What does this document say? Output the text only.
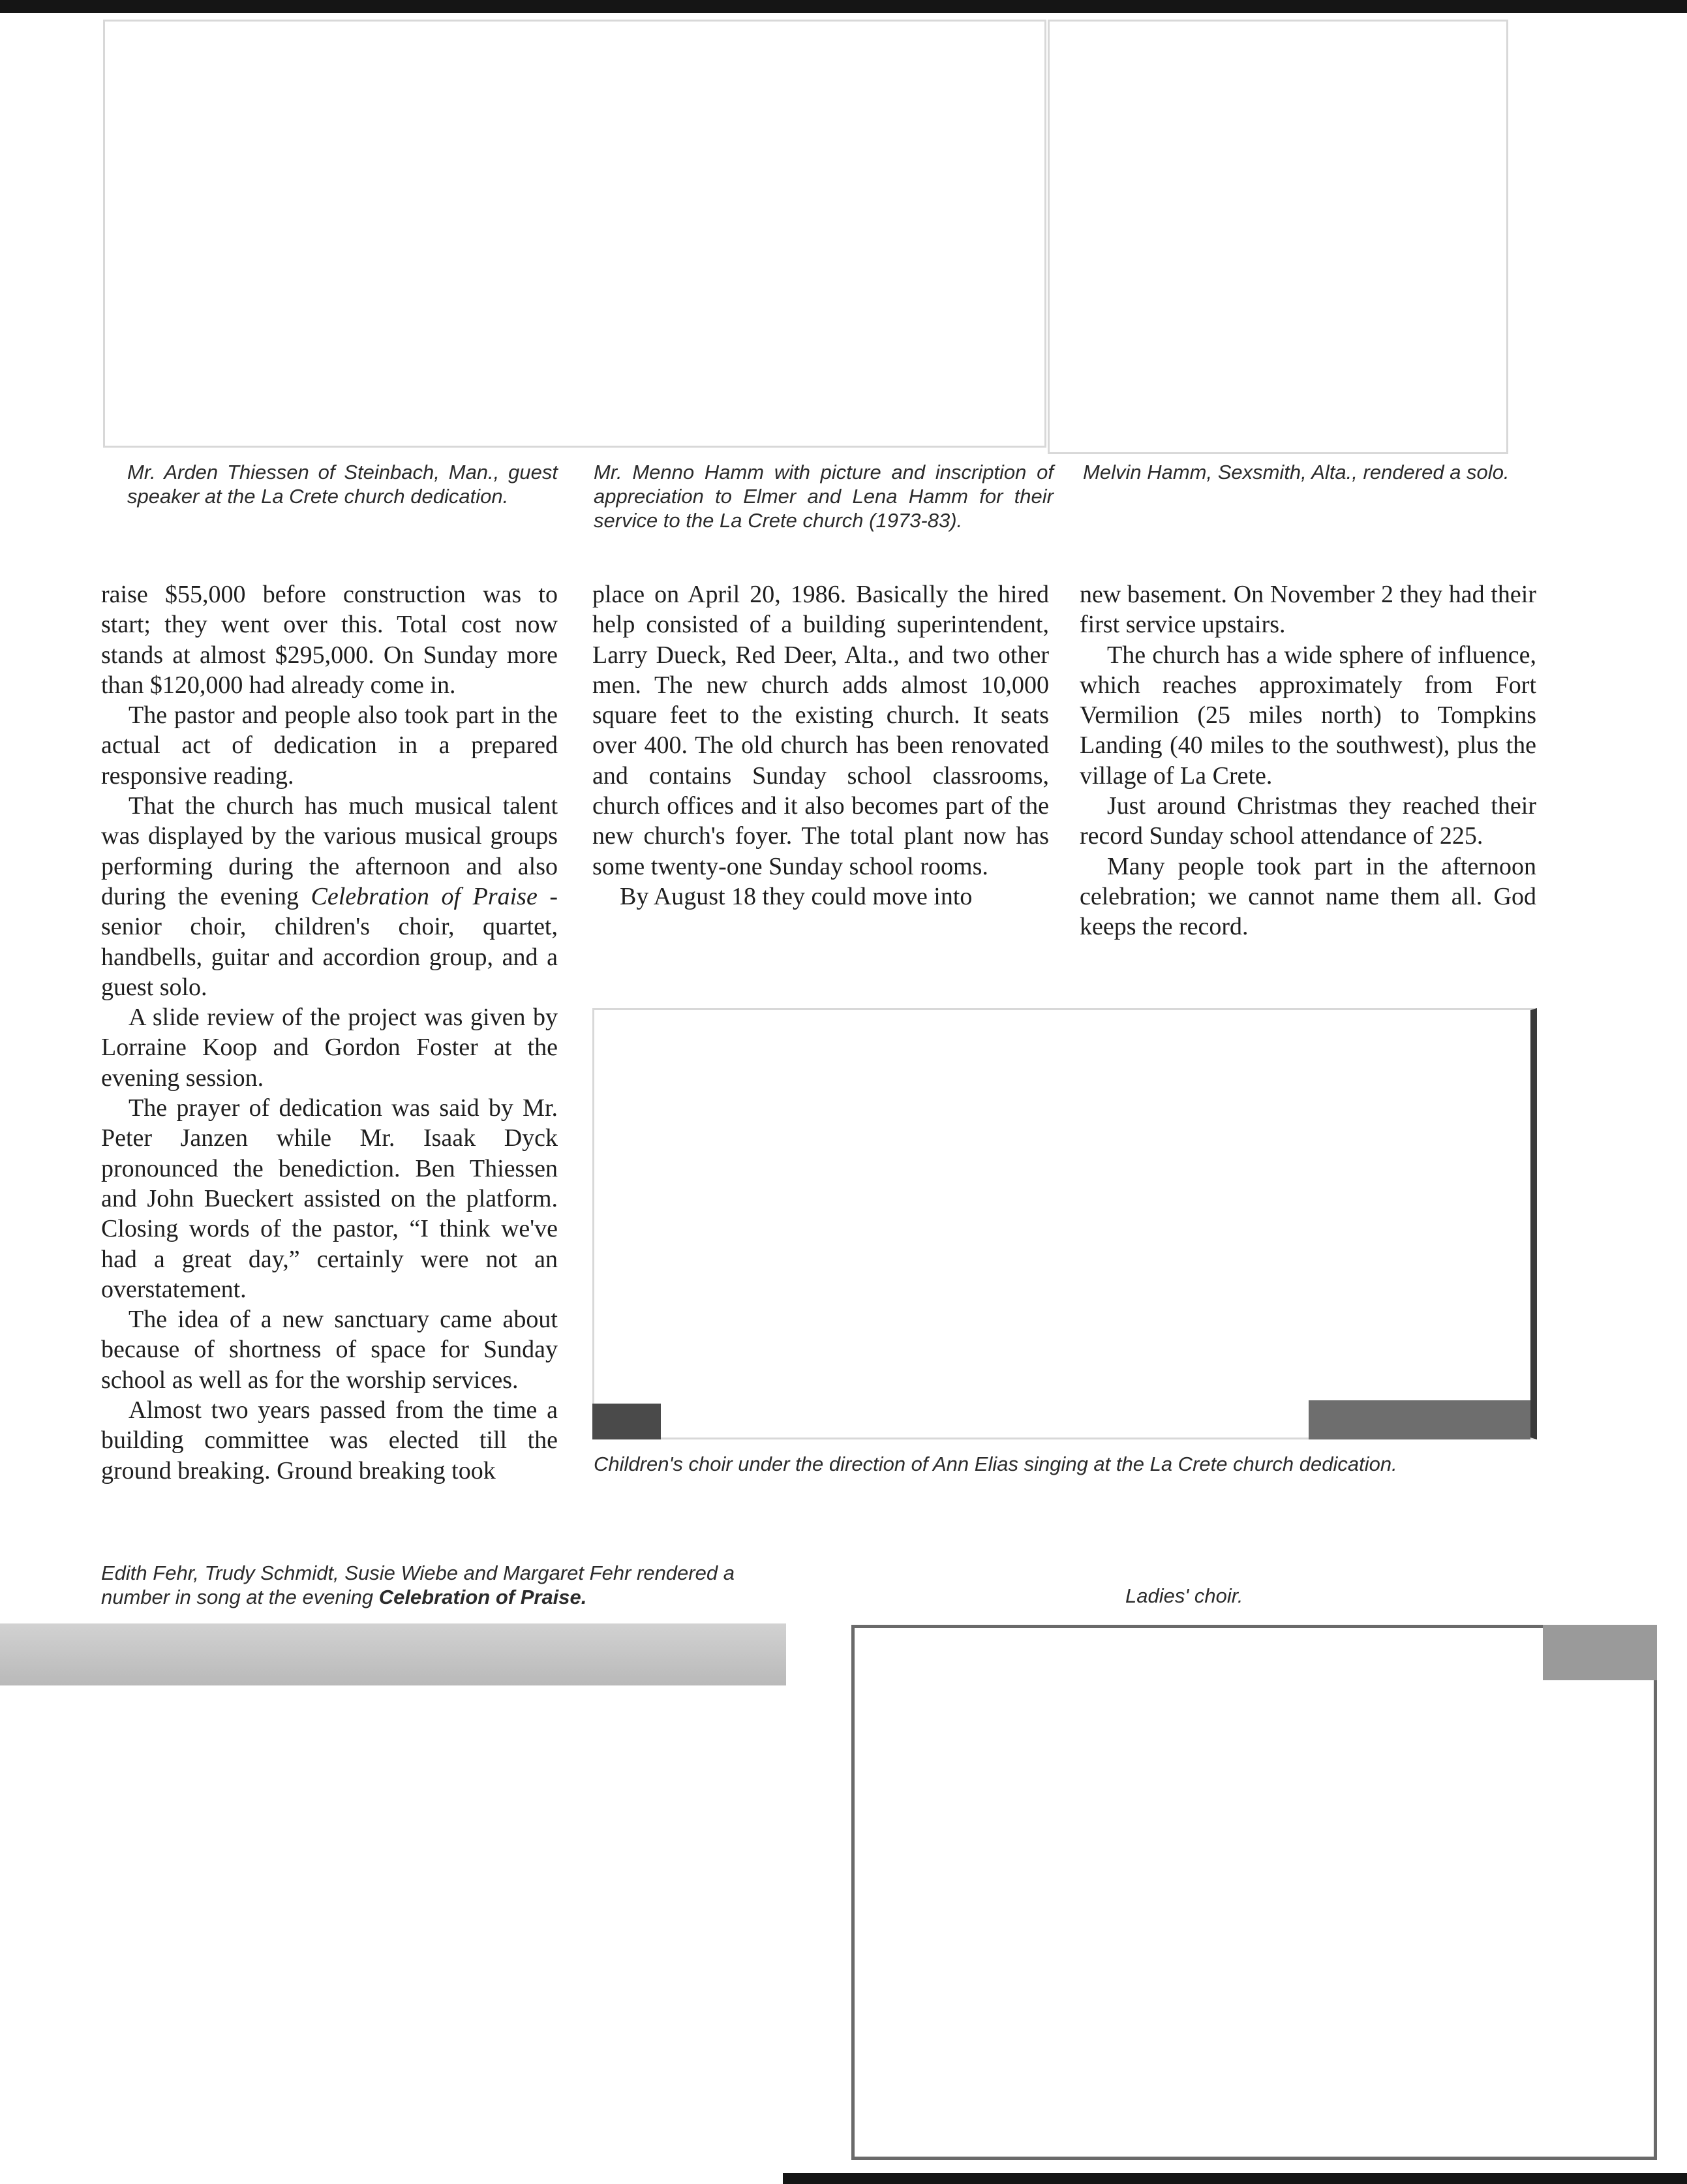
Mr. Arden Thiessen of Steinbach, Man., guest speaker at the La Crete church dedication.
Mr. Menno Hamm with picture and inscription of appreciation to Elmer and Lena Hamm for their service to the La Crete church (1973-83).
Melvin Hamm, Sexsmith, Alta., rendered a solo.

raise $55,000 before construction was to start; they went over this. Total cost now stands at almost $295,000. On Sunday more than $120,000 had already come in.

The pastor and people also took part in the actual act of dedication in a prepared responsive reading.

That the church has much musical talent was displayed by the various musical groups performing during the afternoon and also during the evening Celebration of Praise - senior choir, children's choir, quartet, handbells, guitar and accordion group, and a guest solo.

A slide review of the project was given by Lorraine Koop and Gordon Foster at the evening session.

The prayer of dedication was said by Mr. Peter Janzen while Mr. Isaak Dyck pronounced the benediction. Ben Thiessen and John Bueckert assisted on the platform. Closing words of the pastor, “I think we've had a great day,” certainly were not an overstatement.

The idea of a new sanctuary came about because of shortness of space for Sunday school as well as for the worship services.

Almost two years passed from the time a building committee was elected till the ground breaking. Ground breaking took

place on April 20, 1986. Basically the hired help consisted of a building superintendent, Larry Dueck, Red Deer, Alta., and two other men. The new church adds almost 10,000 square feet to the existing church. It seats over 400. The old church has been renovated and contains Sunday school classrooms, church offices and it also becomes part of the new church's foyer. The total plant now has some twenty-one Sunday school rooms.

By August 18 they could move into

new basement. On November 2 they had their first service upstairs.

The church has a wide sphere of influence, which reaches approximately from Fort Vermilion (25 miles north) to Tompkins Landing (40 miles to the southwest), plus the village of La Crete.

Just around Christmas they reached their record Sunday school attendance of 225.

Many people took part in the afternoon celebration; we cannot name them all. God keeps the record.

Children's choir under the direction of Ann Elias singing at the La Crete church dedication.
Edith Fehr, Trudy Schmidt, Susie Wiebe and Margaret Fehr rendered a number in song at the evening Celebration of Praise.	Ladies' choir.
